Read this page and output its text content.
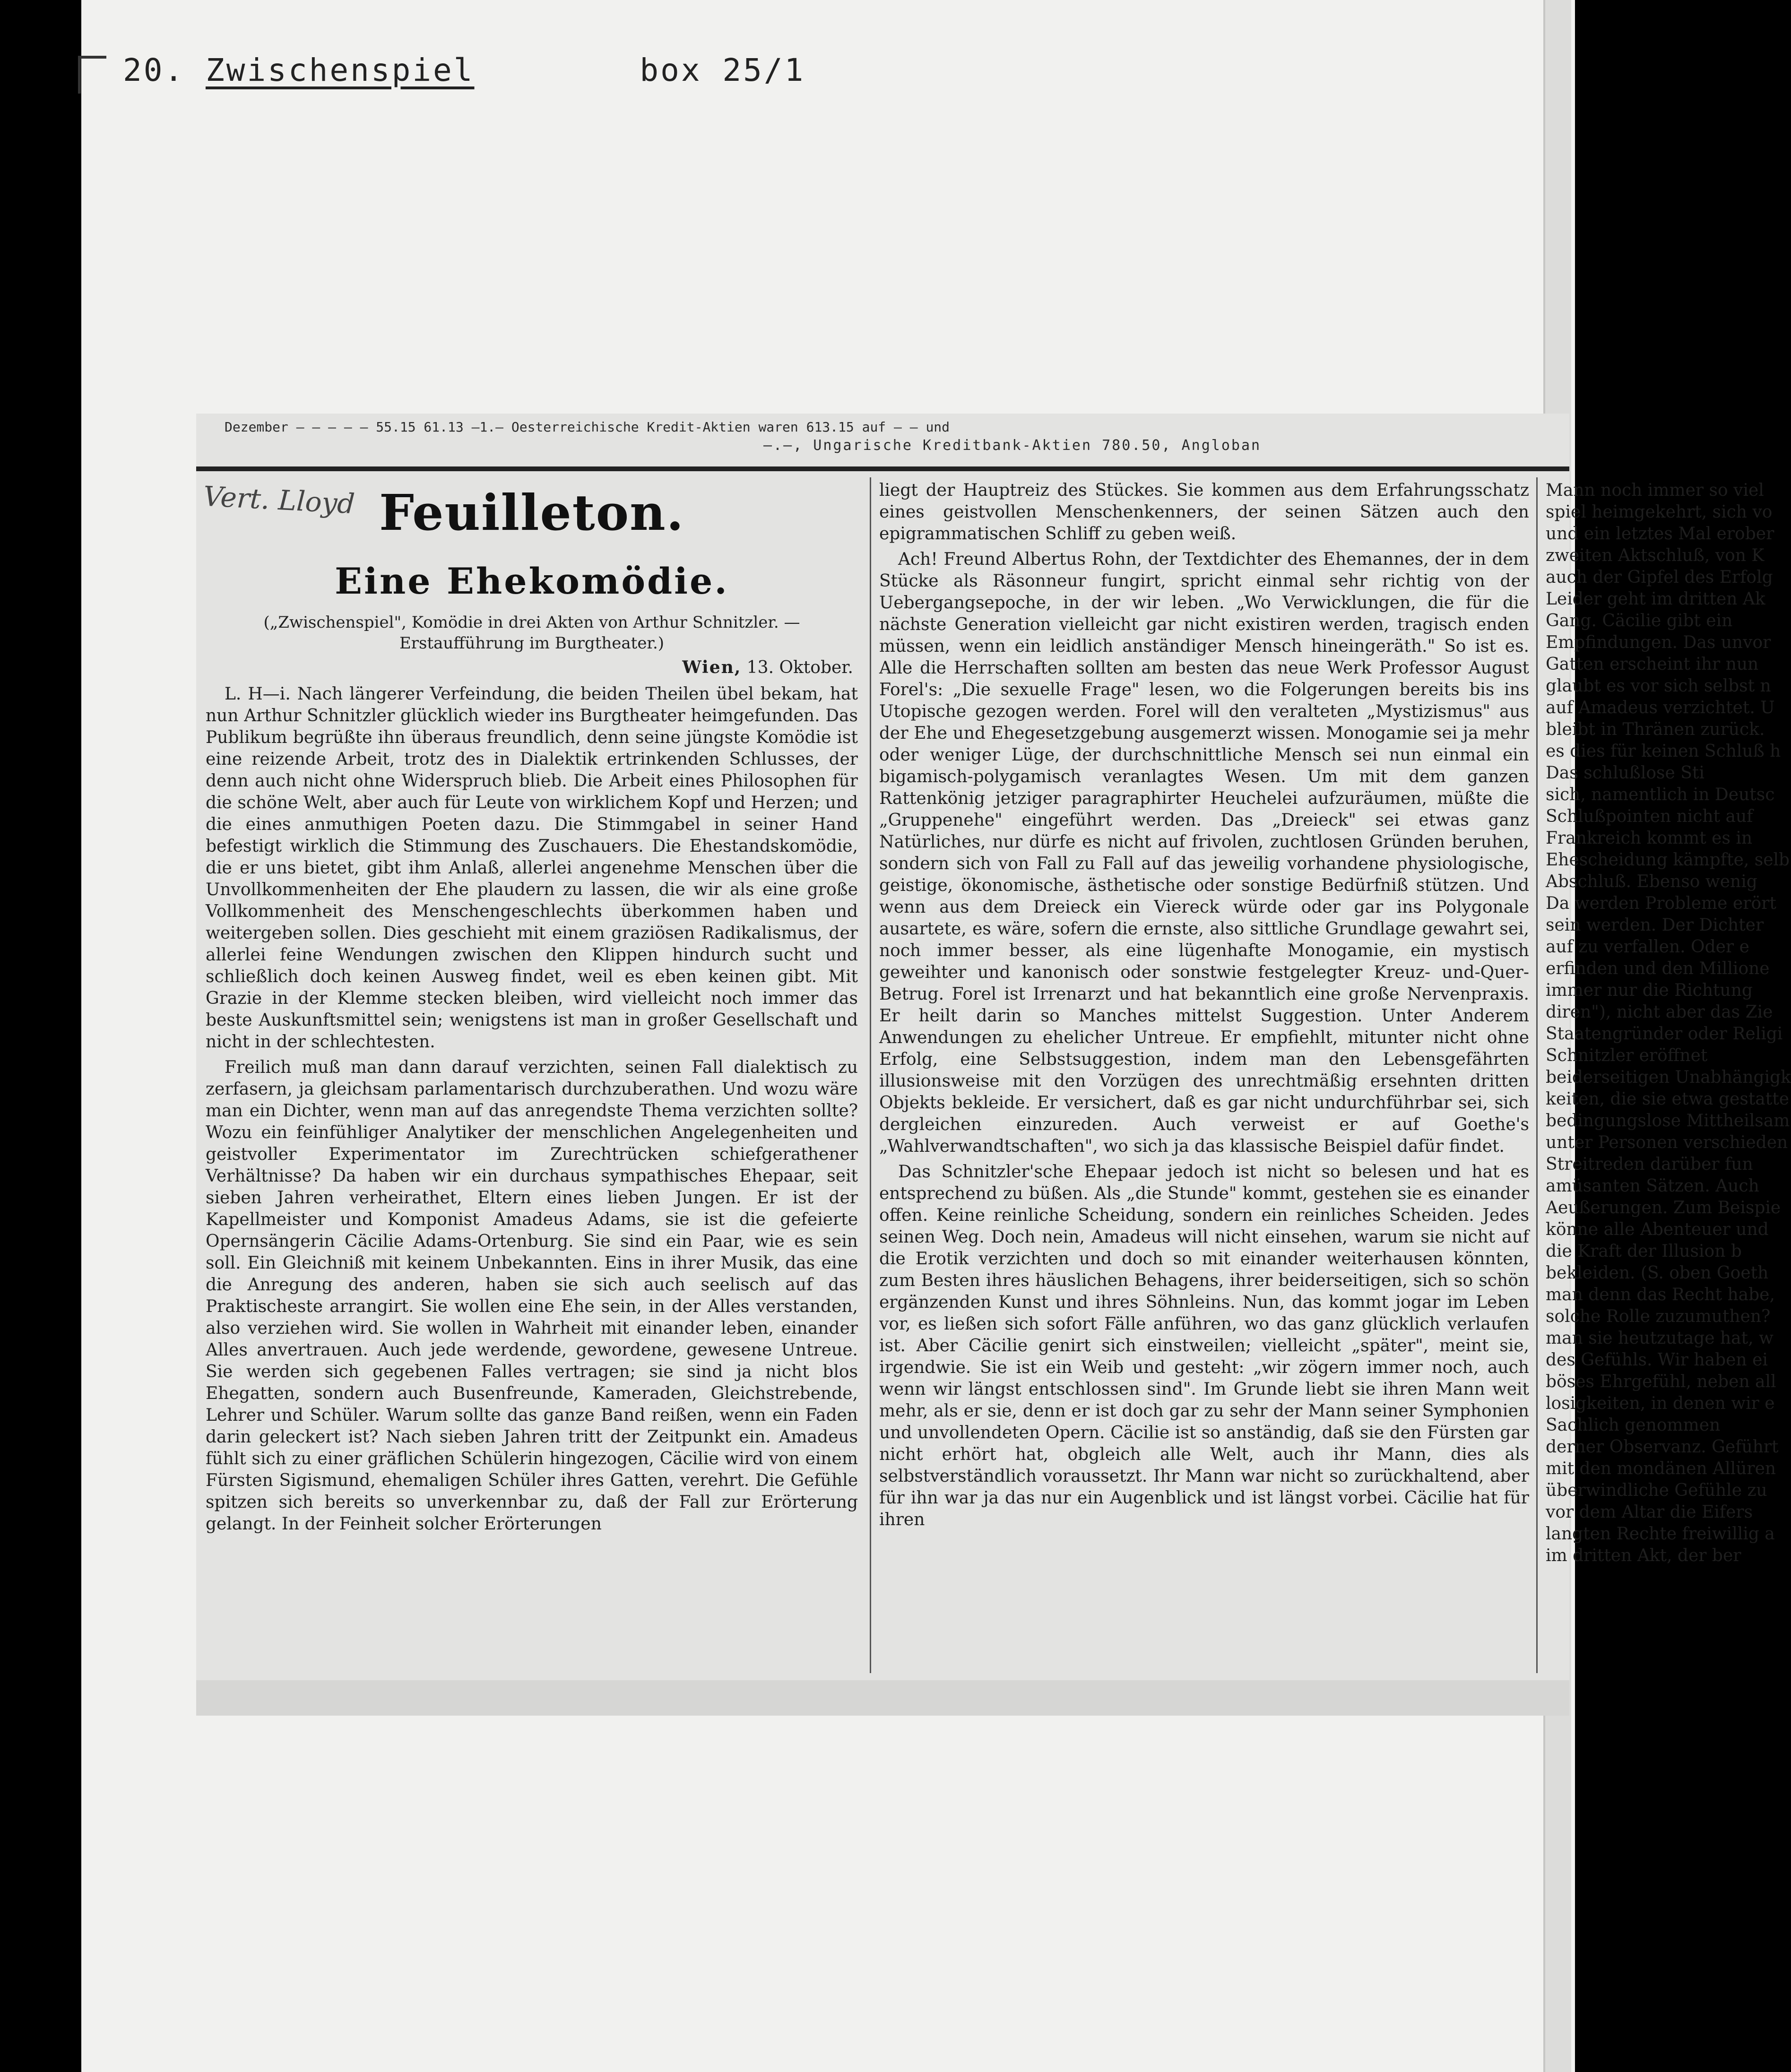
20. Zwischenspiel	box 25/1
Dezember — — — — — 55.15 61.13 —1.— Oesterreichische Kredit-Aktien waren 613.15 auf — — und
—.—, Ungarische Kreditbank-Aktien 780.50, Angloban
Vert. Lloyd Feuilleton.
Eine Ehekomödie.
(„Zwischenspiel", Komödie in drei Akten von Arthur Schnitzler. — Erstaufführung im Burgtheater.)
Wien, 13. Oktober.

L. H—i. Nach längerer Verfeindung, die beiden Theilen übel bekam, hat nun Arthur Schnitzler glücklich wieder ins Burgtheater heimgefunden. Das Publikum begrüßte ihn überaus freundlich, denn seine jüngste Komödie ist eine reizende Arbeit, trotz des in Dialektik ertrinkenden Schlusses, der denn auch nicht ohne Widerspruch blieb. Die Arbeit eines Philosophen für die schöne Welt, aber auch für Leute von wirklichem Kopf und Herzen; und die eines anmuthigen Poeten dazu. Die Stimmgabel in seiner Hand befestigt wirklich die Stimmung des Zuschauers. Die Ehestandskomödie, die er uns bietet, gibt ihm Anlaß, allerlei angenehme Menschen über die Unvollkommenheiten der Ehe plaudern zu lassen, die wir als eine große Vollkommenheit des Menschengeschlechts überkommen haben und weitergeben sollen. Dies geschieht mit einem graziösen Radikalismus, der allerlei feine Wendungen zwischen den Klippen hindurch sucht und schließlich doch keinen Ausweg findet, weil es eben keinen gibt. Mit Grazie in der Klemme stecken bleiben, wird vielleicht noch immer das beste Auskunftsmittel sein; wenigstens ist man in großer Gesellschaft und nicht in der schlechtesten.

Freilich muß man dann darauf verzichten, seinen Fall dialektisch zu zerfasern, ja gleichsam parlamentarisch durchzuberathen. Und wozu wäre man ein Dichter, wenn man auf das anregendste Thema verzichten sollte? Wozu ein feinfühliger Analytiker der menschlichen Angelegenheiten und geistvoller Experimentator im Zurechtrücken schiefgerathener Verhältnisse? Da haben wir ein durchaus sympathisches Ehepaar, seit sieben Jahren verheirathet, Eltern eines lieben Jungen. Er ist der Kapellmeister und Komponist Amadeus Adams, sie ist die gefeierte Opernsängerin Cäcilie Adams-Ortenburg. Sie sind ein Paar, wie es sein soll. Ein Gleichniß mit keinem Unbekannten. Eins in ihrer Musik, das eine die Anregung des anderen, haben sie sich auch seelisch auf das Praktischeste arrangirt. Sie wollen eine Ehe sein, in der Alles verstanden, also verziehen wird. Sie wollen in Wahrheit mit einander leben, einander Alles anvertrauen. Auch jede werdende, gewordene, gewesene Untreue. Sie werden sich gegebenen Falles vertragen; sie sind ja nicht blos Ehegatten, sondern auch Busenfreunde, Kameraden, Gleichstrebende, Lehrer und Schüler. Warum sollte das ganze Band reißen, wenn ein Faden darin geleckert ist? Nach sieben Jahren tritt der Zeitpunkt ein. Amadeus fühlt sich zu einer gräflichen Schülerin hingezogen, Cäcilie wird von einem Fürsten Sigismund, ehemaligen Schüler ihres Gatten, verehrt. Die Gefühle spitzen sich bereits so unverkennbar zu, daß der Fall zur Erörterung gelangt. In der Feinheit solcher Erörterungen

liegt der Hauptreiz des Stückes. Sie kommen aus dem Erfahrungsschatz eines geistvollen Menschenkenners, der seinen Sätzen auch den epigrammatischen Schliff zu geben weiß.

Ach! Freund Albertus Rohn, der Textdichter des Ehemannes, der in dem Stücke als Räsonneur fungirt, spricht einmal sehr richtig von der Uebergangsepoche, in der wir leben. „Wo Verwicklungen, die für die nächste Generation vielleicht gar nicht existiren werden, tragisch enden müssen, wenn ein leidlich anständiger Mensch hineingeräth." So ist es. Alle die Herrschaften sollten am besten das neue Werk Professor August Forel's: „Die sexuelle Frage" lesen, wo die Folgerungen bereits bis ins Utopische gezogen werden. Forel will den veralteten „Mystizismus" aus der Ehe und Ehegesetzgebung ausgemerzt wissen. Monogamie sei ja mehr oder weniger Lüge, der durchschnittliche Mensch sei nun einmal ein bigamisch-polygamisch veranlagtes Wesen. Um mit dem ganzen Rattenkönig jetziger paragraphirter Heuchelei aufzuräumen, müßte die „Gruppenehe" eingeführt werden. Das „Dreieck" sei etwas ganz Natürliches, nur dürfe es nicht auf frivolen, zuchtlosen Gründen beruhen, sondern sich von Fall zu Fall auf das jeweilig vorhandene physiologische, geistige, ökonomische, ästhetische oder sonstige Bedürfniß stützen. Und wenn aus dem Dreieck ein Viereck würde oder gar ins Polygonale ausartete, es wäre, sofern die ernste, also sittliche Grundlage gewahrt sei, noch immer besser, als eine lügenhafte Monogamie, ein mystisch geweihter und kanonisch oder sonstwie festgelegter Kreuz- und-Quer-Betrug. Forel ist Irrenarzt und hat bekanntlich eine große Nervenpraxis. Er heilt darin so Manches mittelst Suggestion. Unter Anderem Anwendungen zu ehelicher Untreue. Er empfiehlt, mitunter nicht ohne Erfolg, eine Selbstsuggestion, indem man den Lebensgefährten illusionsweise mit den Vorzügen des unrechtmäßig ersehnten dritten Objekts bekleide. Er versichert, daß es gar nicht undurchführbar sei, sich dergleichen einzureden. Auch verweist er auf Goethe's „Wahlverwandtschaften", wo sich ja das klassische Beispiel dafür findet.

Das Schnitzler'sche Ehepaar jedoch ist nicht so belesen und hat es entsprechend zu büßen. Als „die Stunde" kommt, gestehen sie es einander offen. Keine reinliche Scheidung, sondern ein reinliches Scheiden. Jedes seinen Weg. Doch nein, Amadeus will nicht einsehen, warum sie nicht auf die Erotik verzichten und doch so mit einander weiterhausen könnten, zum Besten ihres häuslichen Behagens, ihrer beiderseitigen, sich so schön ergänzenden Kunst und ihres Söhnleins. Nun, das kommt jogar im Leben vor, es ließen sich sofort Fälle anführen, wo das ganz glücklich verlaufen ist. Aber Cäcilie genirt sich einstweilen; vielleicht „später", meint sie, irgendwie. Sie ist ein Weib und gesteht: „wir zögern immer noch, auch wenn wir längst entschlossen sind". Im Grunde liebt sie ihren Mann weit mehr, als er sie, denn er ist doch gar zu sehr der Mann seiner Symphonien und unvollendeten Opern. Cäcilie ist so anständig, daß sie den Fürsten gar nicht erhört hat, obgleich alle Welt, auch ihr Mann, dies als selbstverständlich voraussetzt. Ihr Mann war nicht so zurückhaltend, aber für ihn war ja das nur ein Augenblick und ist längst vorbei. Cäcilie hat für ihren

Mann noch immer so viel
spiel heimgekehrt, sich vo
und ein letztes Mal erober
zweiten Aktschluß, von K
auch der Gipfel des Erfolg
Leider geht im dritten Ak
Gang. Cäcilie gibt ein
Empfindungen. Das unvor
Gatten erscheint ihr nun
glaubt es vor sich selbst n
auf Amadeus verzichtet. U
bleibt in Thränen zurück.
es dies für keinen Schluß h
Das schlußlose Sti
sich, namentlich in Deutsc
Schlußpointen nicht auf
Frankreich kommt es in
Ehescheidung kämpfte, selb
Abschluß. Ebenso wenig
Da werden Probleme erört
sein werden. Der Dichter
auf zu verfallen. Oder e
erfinden und den Millione
immer nur die Richtung
diren"), nicht aber das Zie
Staatengründer oder Religi
Schnitzler eröffnet
beiderseitigen Unabhängigk
keiten, die sie etwa gestatte
bedingungslose Mittheilsam
unter Personen verschieden
Streitreden darüber fun
amüsanten Sätzen. Auch
Aeußerungen. Zum Beispie
könne alle Abenteuer und
die Kraft der Illusion b
bekleiden. (S. oben Goeth
man denn das Recht habe,
solche Rolle zuzumuthen?
man sie heutzutage hat, w
des Gefühls. Wir haben ei
böses Ehrgefühl, neben all
losigkeiten, in denen wir e
Sachlich genommen
derner Observanz. Geführt
mit den mondänen Allüren
überwindliche Gefühle zu
vor dem Altar die Eifers
langten Rechte freiwillig a
im dritten Akt, der ber
